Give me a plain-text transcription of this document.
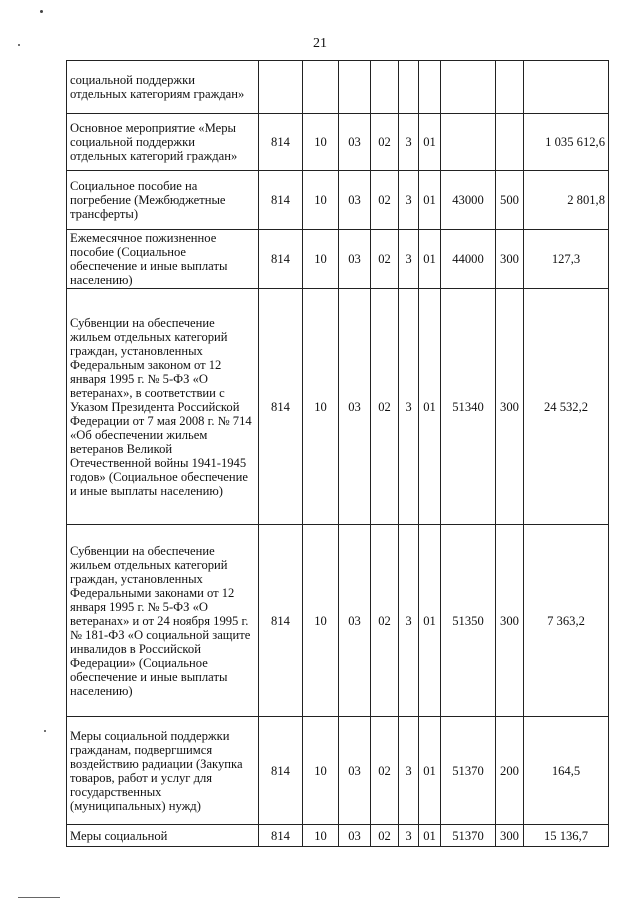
21
социальной поддержки отдельных категориям граждан»									
Основное мероприятие «Меры социальной поддержки отдельных категорий граждан»	814	10	03	02	3	01			1 035 612,6
Социальное пособие на погребение (Межбюджетные трансферты)	814	10	03	02	3	01	43000	500	2 801,8
Ежемесячное пожизненное пособие (Социальное обеспечение и иные выплаты населению)	814	10	03	02	3	01	44000	300	127,3
Субвенции на обеспечение жильем отдельных категорий граждан, установленных Федеральным законом от 12 января 1995 г. № 5-ФЗ «О ветеранах», в соответствии с Указом Президента Российской Федерации от 7 мая 2008 г. № 714 «Об обеспечении жильем ветеранов Великой Отечественной войны 1941-1945 годов» (Социальное обеспечение и иные выплаты населению)	814	10	03	02	3	01	51340	300	24 532,2
Субвенции на обеспечение жильем отдельных категорий граждан, установленных Федеральными законами от 12 января 1995 г. № 5-ФЗ «О ветеранах» и от 24 ноября 1995 г. № 181-ФЗ «О социальной защите инвалидов в Российской Федерации» (Социальное обеспечение и иные выплаты населению)	814	10	03	02	3	01	51350	300	7 363,2
Меры социальной поддержки гражданам, подвергшимся воздействию радиации (Закупка товаров, работ и услуг для государственных (муниципальных) нужд)	814	10	03	02	3	01	51370	200	164,5
Меры социальной	814	10	03	02	3	01	51370	300	15 136,7
